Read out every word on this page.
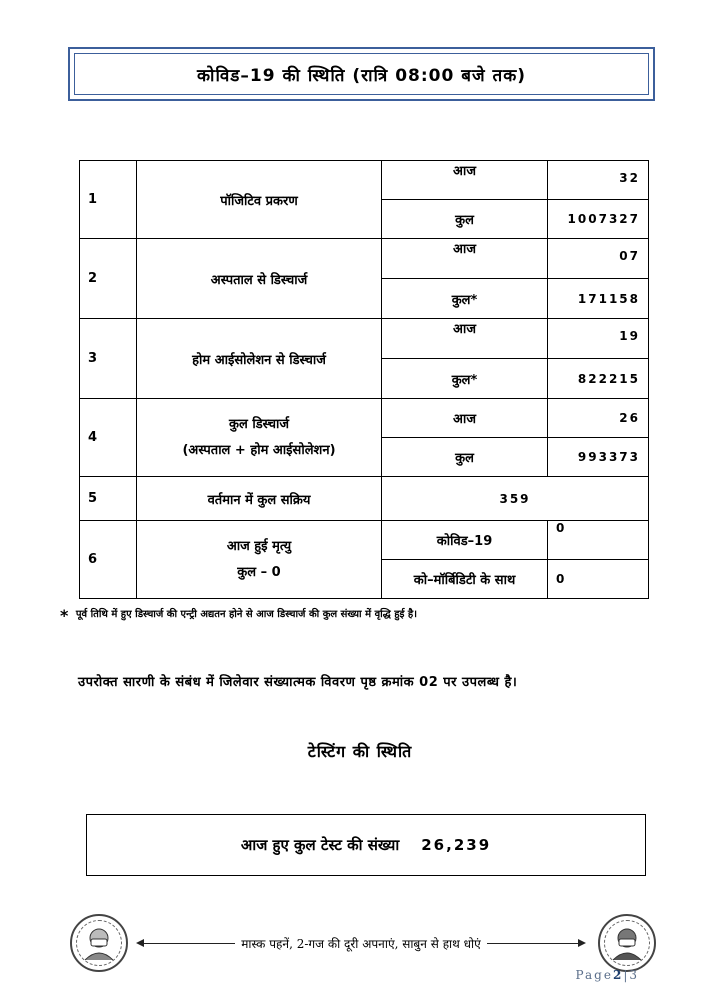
कोविड–19 की स्थिति (रात्रि 08:00 बजे तक)
1	पॉजिटिव प्रकरण	आज	32
		कुल	1007327
2	अस्पताल से डिस्चार्ज	आज	07
		कुल*	171158
3	होम आईसोलेशन से डिस्चार्ज	आज	19
		कुल*	822215
4	कुल डिस्चार्ज
(अस्पताल + होम आईसोलेशन)	आज	26
		कुल	993373
5	वर्तमान में कुल सक्रिय	359	
6	आज हुई मृत्यु
कुल – 0	कोविड–19	0
		को–मॉर्बिडिटी के साथ	0
* पूर्व तिथि में हुए डिस्चार्ज की एन्ट्री अद्यतन होने से आज डिस्चार्ज की कुल संख्या में वृद्धि हुई है।
उपरोक्त सारणी के संबंध में जिलेवार संख्यात्मक विवरण पृष्ठ क्रमांक 02 पर उपलब्ध है।
टेस्टिंग की स्थिति
आज हुए कुल टेस्ट की संख्या 26,239
मास्क पहनें, 2-गज की दूरी अपनाएं, साबुन से हाथ धोएं
Page2|3
